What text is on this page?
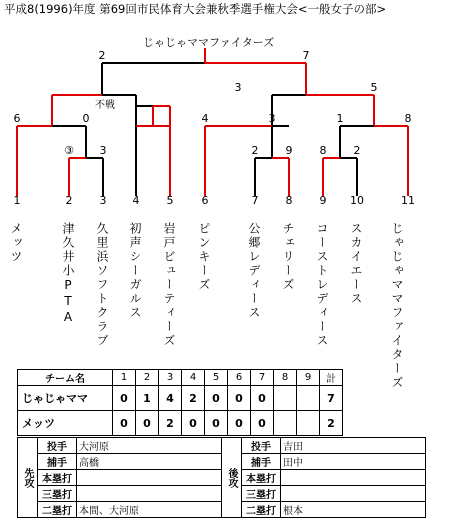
平成8(1996)年度 第69回市民体育大会兼秋季選手権大会<一般女子の部>
じゃじゃママファイターズ
2	7
6	0
不戦
③	3
3	5
4	3
2	9
1	8
8	2
1	2	3	4	5	6	7	8	9	10	11
メッツ	津久井小PTA 久里浜ソフトクラブ 初声シーガルス 岩戸ビューティーズ ピンキーズ	公郷レディース チェリーズ コーストレディース スカイエース じゃじゃママファイターズ
チーム名	1	2	3	4	5	6	7	8	9	計
じゃじゃママ	0	1	4	2	0	0	0			7
メッツ	0	0	2	0	0	0	0			2
先攻	投手	大河原	後攻	投手	吉田
	捕手	高橋		捕手	田中
	本塁打			本塁打	
	三塁打			三塁打	
	二塁打	本間、大河原		二塁打	根本
